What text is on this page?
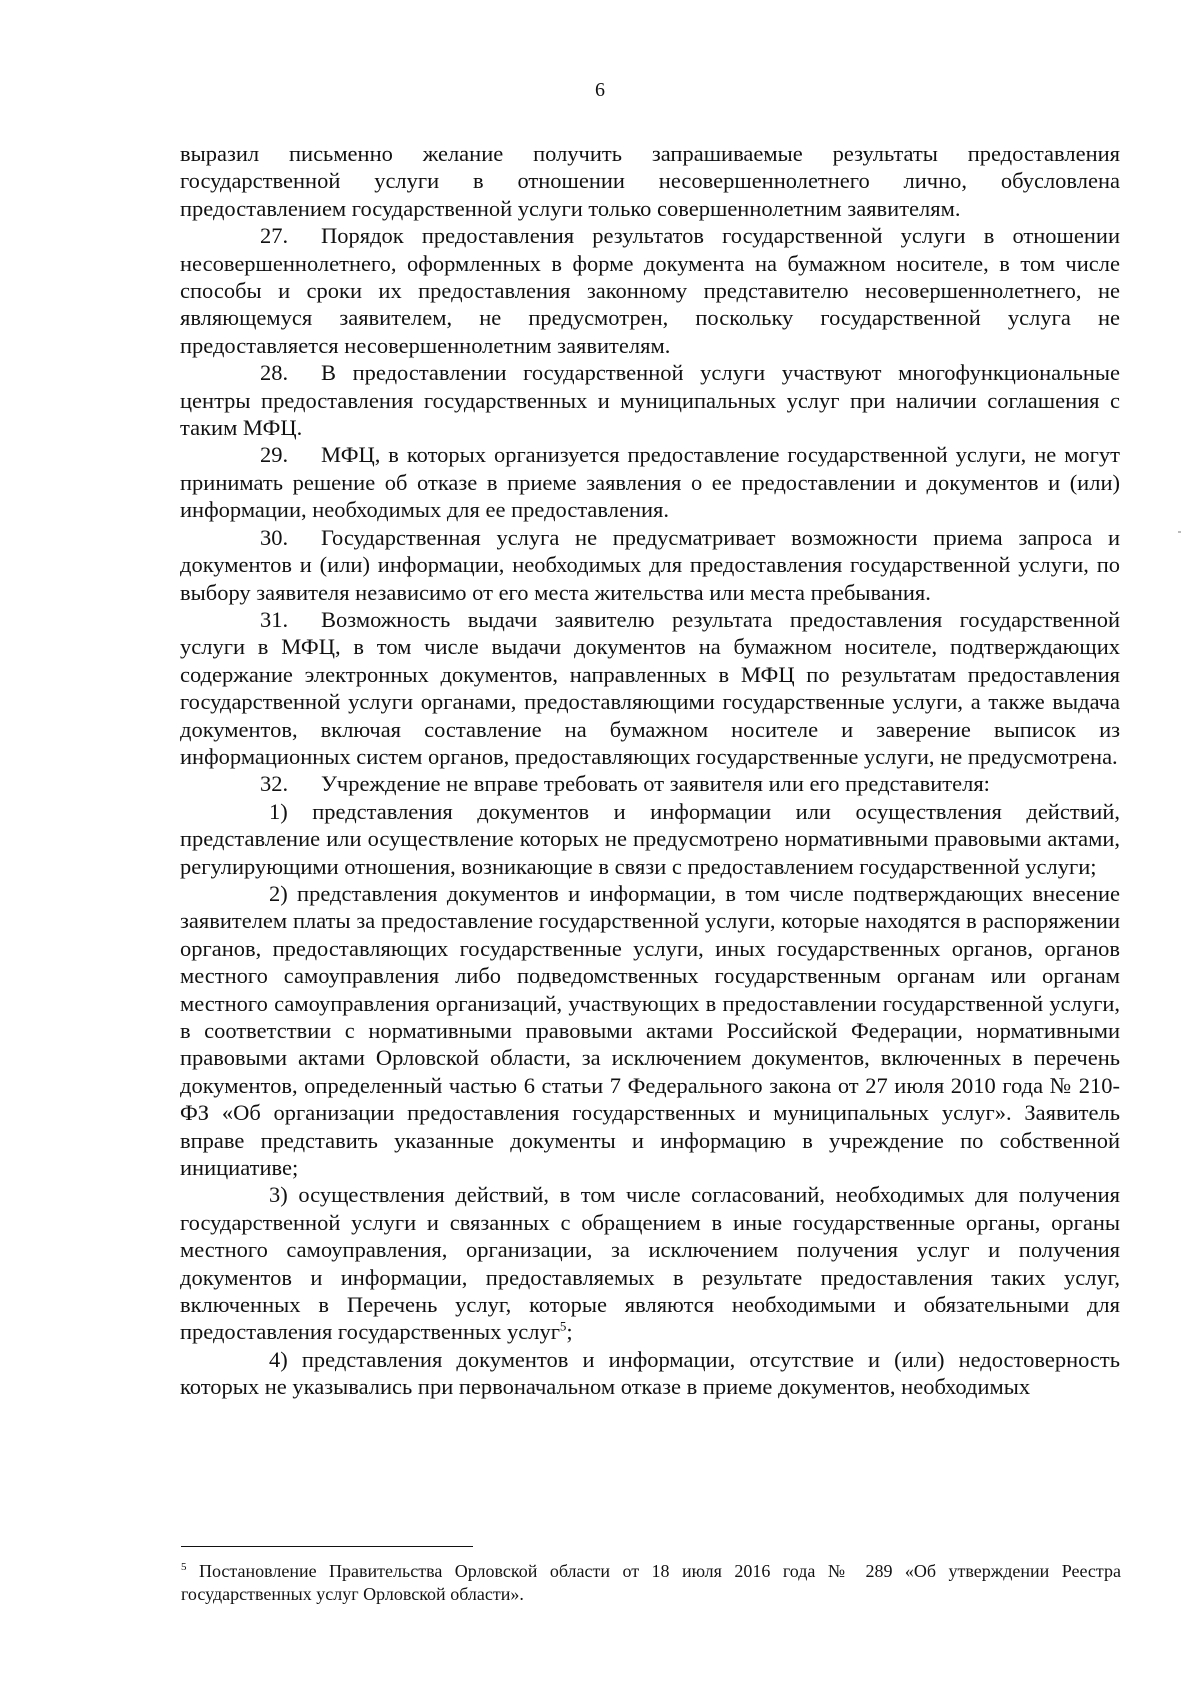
6

выразил письменно желание получить запрашиваемые результаты предоставления государственной услуги в отношении несовершеннолетнего лично, обусловлена предоставлением государственной услуги только совершеннолетним заявителям.

27. Порядок предоставления результатов государственной услуги в отношении несовершеннолетнего, оформленных в форме документа на бумажном носителе, в том числе способы и сроки их предоставления законному представителю несовершеннолетнего, не являющемуся заявителем, не предусмотрен, поскольку государственной услуга не предоставляется несовершеннолетним заявителям.

28. В предоставлении государственной услуги участвуют многофункциональные центры предоставления государственных и муниципальных услуг при наличии соглашения с таким МФЦ.

29. МФЦ, в которых организуется предоставление государственной услуги, не могут принимать решение об отказе в приеме заявления о ее предоставлении и документов и (или) информации, необходимых для ее предоставления.

30. Государственная услуга не предусматривает возможности приема запроса и документов и (или) информации, необходимых для предоставления государственной услуги, по выбору заявителя независимо от его места жительства или места пребывания.

31. Возможность выдачи заявителю результата предоставления государственной услуги в МФЦ, в том числе выдачи документов на бумажном носителе, подтверждающих содержание электронных документов, направленных в МФЦ по результатам предоставления государственной услуги органами, предоставляющими государственные услуги, а также выдача документов, включая составление на бумажном носителе и заверение выписок из информационных систем органов, предоставляющих государственные услуги, не предусмотрена.

32. Учреждение не вправе требовать от заявителя или его представителя:

1) представления документов и информации или осуществления действий, представление или осуществление которых не предусмотрено нормативными правовыми актами, регулирующими отношения, возникающие в связи с предоставлением государственной услуги;

2) представления документов и информации, в том числе подтверждающих внесение заявителем платы за предоставление государственной услуги, которые находятся в распоряжении органов, предоставляющих государственные услуги, иных государственных органов, органов местного самоуправления либо подведомственных государственным органам или органам местного самоуправления организаций, участвующих в предоставлении государственной услуги, в соответствии с нормативными правовыми актами Российской Федерации, нормативными правовыми актами Орловской области, за исключением документов, включенных в перечень документов, определенный частью 6 статьи 7 Федерального закона от 27 июля 2010 года № 210-ФЗ «Об организации предоставления государственных и муниципальных услуг». Заявитель вправе представить указанные документы и информацию в учреждение по собственной инициативе;

3) осуществления действий, в том числе согласований, необходимых для получения государственной услуги и связанных с обращением в иные государственные органы, органы местного самоуправления, организации, за исключением получения услуг и получения документов и информации, предоставляемых в результате предоставления таких услуг, включенных в Перечень услуг, которые являются необходимыми и обязательными для предоставления государственных услуг$^5$;

4) представления документов и информации, отсутствие и (или) недостоверность которых не указывались при первоначальном отказе в приеме документов, необходимых

$^5$ Постановление Правительства Орловской области от 18 июля 2016 года № 289 «Об утверждении Реестра государственных услуг Орловской области».
